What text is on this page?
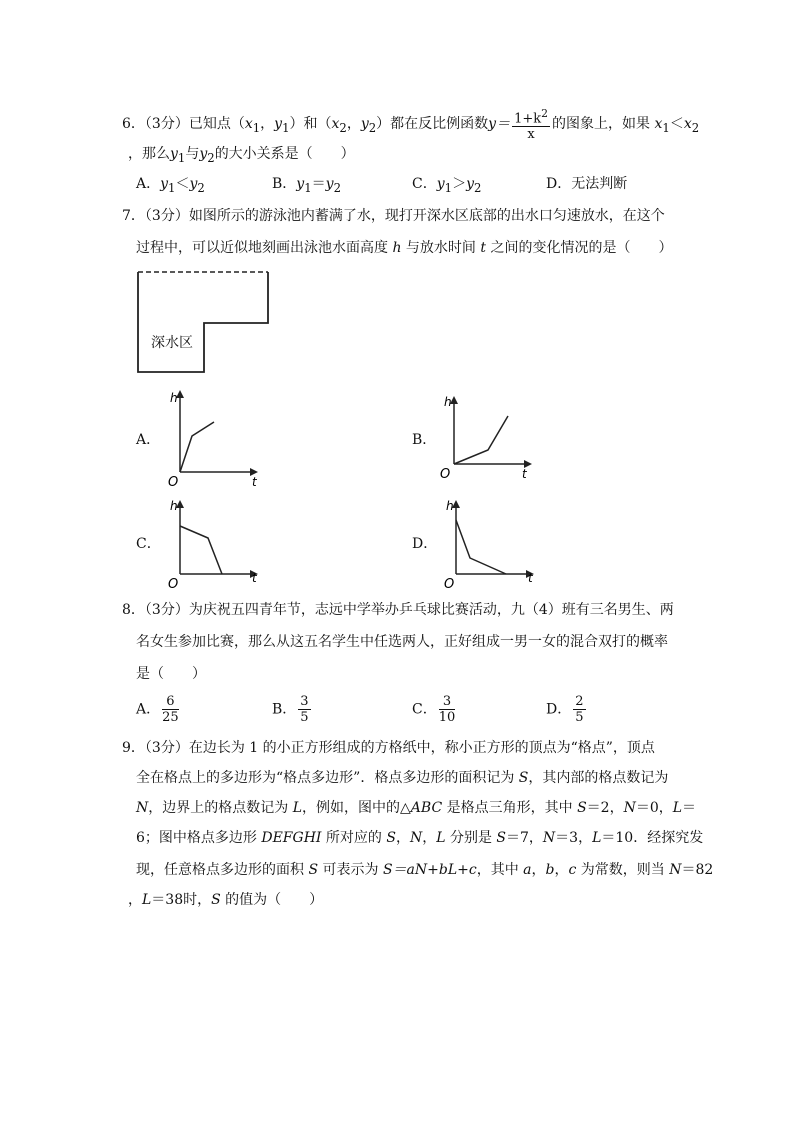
6．（3分）已知点（$x_1$，$y_1$）和（$x_2$，$y_2$）都在反比例函数$y= \frac{1+k^2}{x}$ 的图象上，如果 $x_1<x_2$
，那么$y_1$与$y_2$的大小关系是（　　）
A．$y_1<y_2$	B．$y_1=y_2$	C．$y_1>y_2$	D．无法判断
7．（3分）如图所示的游泳池内蓄满了水，现打开深水区底部的出水口匀速放水，在这个
过程中，可以近似地刻画出泳池水面高度 h 与放水时间 t 之间的变化情况的是（　　）
深水区
A．
h
t
O
B．
h
t
O
C．
h
t
O
D．
h
t
O
8．（3分）为庆祝五四青年节，志远中学举办乒乓球比赛活动，九（4）班有三名男生、两
名女生参加比赛，那么从这五名学生中任选两人，正好组成一男一女的混合双打的概率
是（　　）
A． $\frac{6}{25}$	B． $\frac{3}{5}$	C． $\frac{3}{10}$	D． $\frac{2}{5}$
9．（3分）在边长为 1 的小正方形组成的方格纸中，称小正方形的顶点为“格点”，顶点
全在格点上的多边形为“格点多边形”．格点多边形的面积记为 S，其内部的格点数记为
N，边界上的格点数记为 L，例如，图中的△ABC 是格点三角形，其中 S＝2，N＝0，L＝
6；图中格点多边形 DEFGHI 所对应的 S，N，L 分别是 S＝7，N＝3，L＝10．经探究发
现，任意格点多边形的面积 S 可表示为 S＝aN+bL+c，其中 a，b，c 为常数，则当 N＝82
，L＝38时，S 的值为（　　）
